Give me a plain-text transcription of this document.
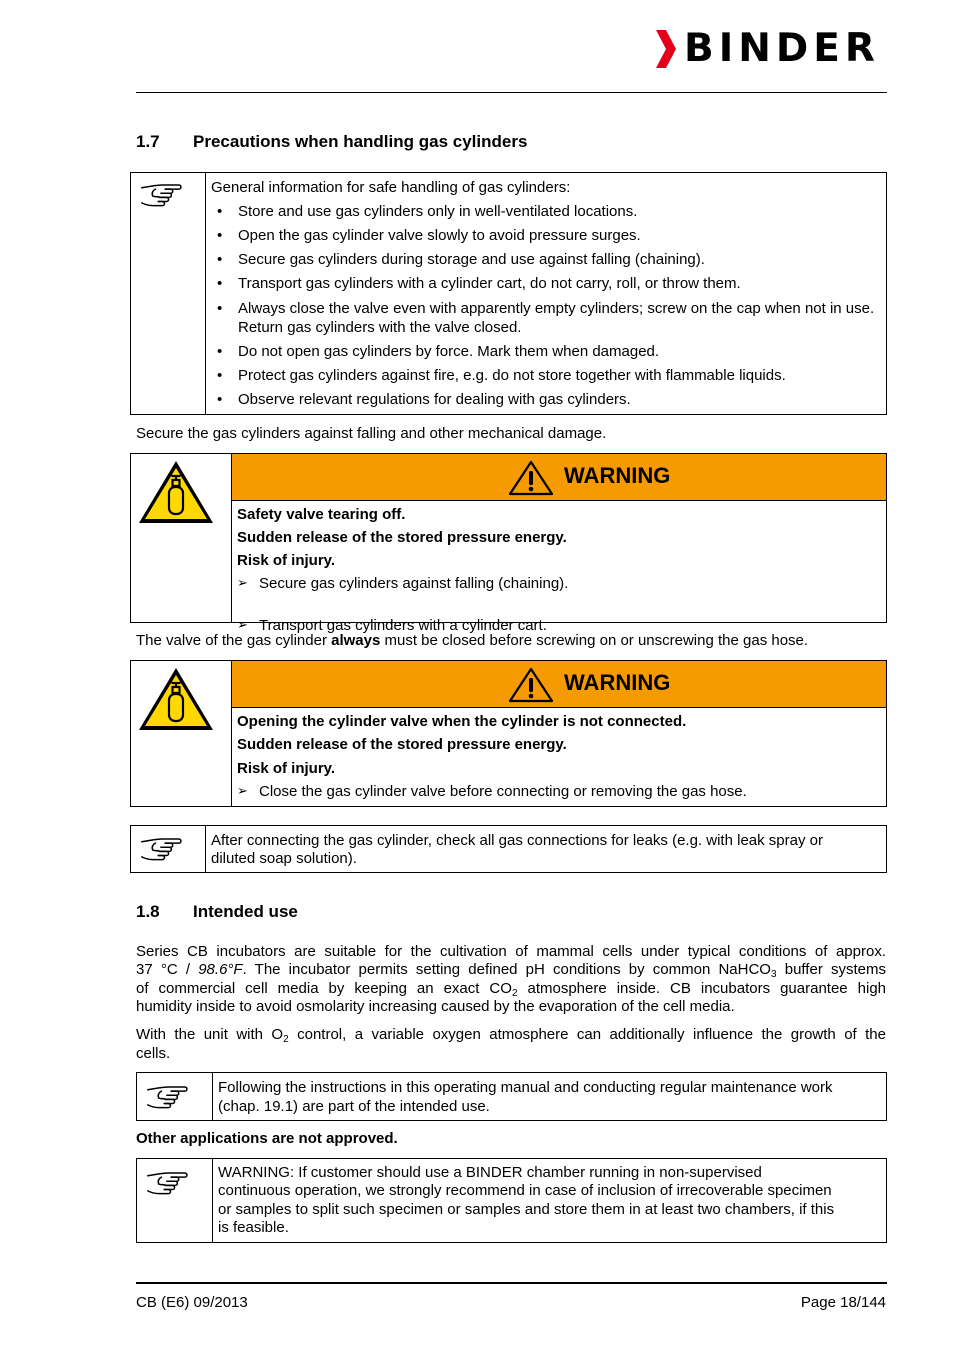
BINDER
1.7 Precautions when handling gas cylinders
General information for safe handling of gas cylinders:
• Store and use gas cylinders only in well-ventilated locations.
• Open the gas cylinder valve slowly to avoid pressure surges.
• Secure gas cylinders during storage and use against falling (chaining).
• Transport gas cylinders with a cylinder cart, do not carry, roll, or throw them.
• Always close the valve even with apparently empty cylinders; screw on the cap when not in use. Return gas cylinders with the valve closed.
• Do not open gas cylinders by force. Mark them when damaged.
• Protect gas cylinders against fire, e.g. do not store together with flammable liquids.
• Observe relevant regulations for dealing with gas cylinders.
Secure the gas cylinders against falling and other mechanical damage.
WARNING
Safety valve tearing off.
Sudden release of the stored pressure energy.
Risk of injury.
➢ Secure gas cylinders against falling (chaining).
➢ Transport gas cylinders with a cylinder cart.
The valve of the gas cylinder always must be closed before screwing on or unscrewing the gas hose.
WARNING
Opening the cylinder valve when the cylinder is not connected.
Sudden release of the stored pressure energy.
Risk of injury.
➢ Close the gas cylinder valve before connecting or removing the gas hose.
After connecting the gas cylinder, check all gas connections for leaks (e.g. with leak spray or
diluted soap solution).
1.8 Intended use
Series CB incubators are suitable for the cultivation of mammal cells under typical conditions of approx.
37 °C / 98.6°F. The incubator permits setting defined pH conditions by common NaHCO$_3$ buffer systems
of commercial cell media by keeping an exact $CO_2$ atmosphere inside. CB incubators guarantee high
humidity inside to avoid osmolarity increasing caused by the evaporation of the cell media.
With the unit with $O_2$ control, a variable oxygen atmosphere can additionally influence the growth of the
cells.
Following the instructions in this operating manual and conducting regular maintenance work
(chap. 19.1) are part of the intended use.
Other applications are not approved.
WARNING: If customer should use a BINDER chamber running in non-supervised
continuous operation, we strongly recommend in case of inclusion of irrecoverable specimen
or samples to split such specimen or samples and store them in at least two chambers, if this
is feasible.
CB (E6) 09/2013	Page 18/144
